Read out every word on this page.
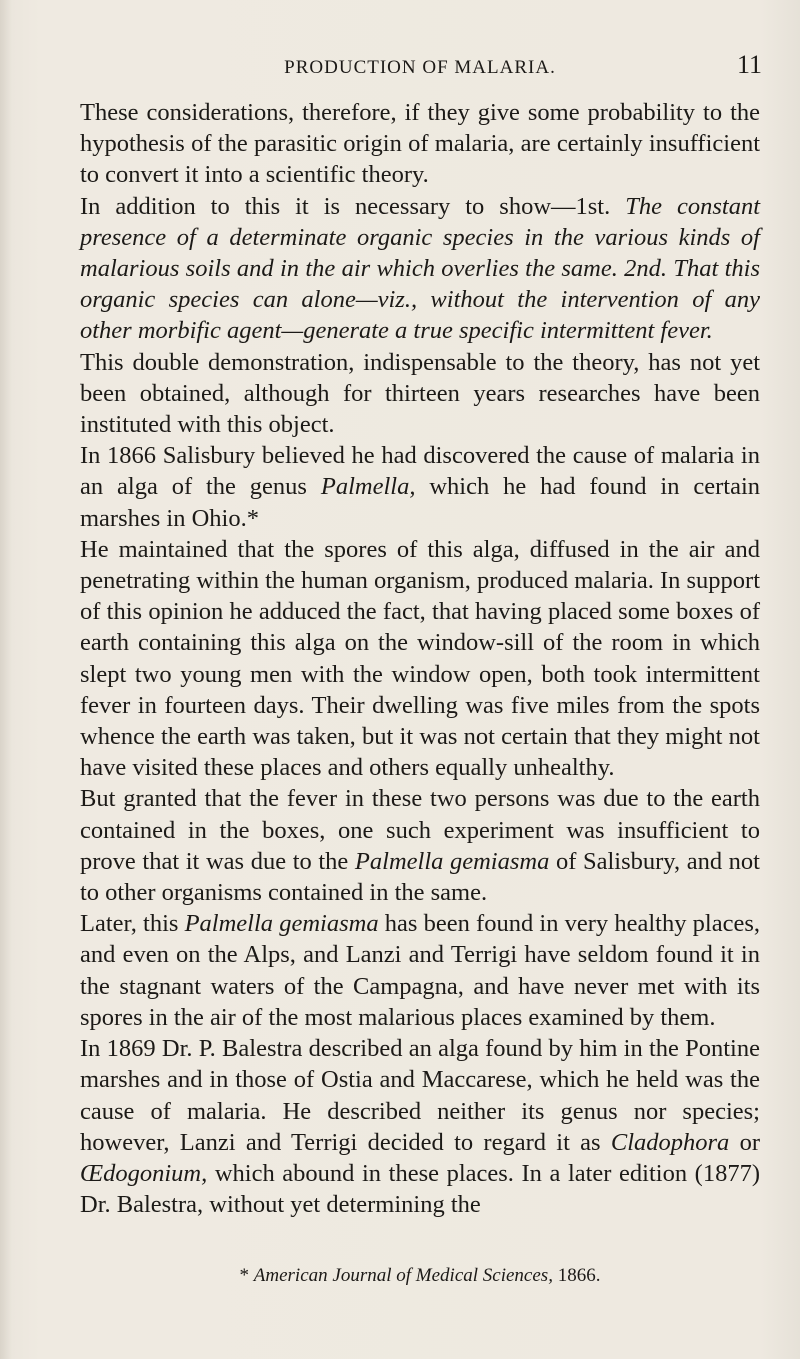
PRODUCTION OF MALARIA.	11

These considerations, therefore, if they give some probability to the hypothesis of the parasitic origin of malaria, are certainly insufficient to convert it into a scientific theory.

In addition to this it is necessary to show—1st. The constant presence of a determinate organic species in the various kinds of malarious soils and in the air which overlies the same. 2nd. That this organic species can alone—viz., without the intervention of any other morbific agent—generate a true specific intermittent fever.

This double demonstration, indispensable to the theory, has not yet been obtained, although for thirteen years researches have been instituted with this object.

In 1866 Salisbury believed he had discovered the cause of malaria in an alga of the genus Palmella, which he had found in certain marshes in Ohio.*

He maintained that the spores of this alga, diffused in the air and penetrating within the human organism, produced malaria. In support of this opinion he adduced the fact, that having placed some boxes of earth containing this alga on the window-sill of the room in which slept two young men with the window open, both took intermittent fever in fourteen days. Their dwelling was five miles from the spots whence the earth was taken, but it was not certain that they might not have visited these places and others equally unhealthy.

But granted that the fever in these two persons was due to the earth contained in the boxes, one such experiment was insufficient to prove that it was due to the Palmella gemiasma of Salisbury, and not to other organisms contained in the same.

Later, this Palmella gemiasma has been found in very healthy places, and even on the Alps, and Lanzi and Terrigi have seldom found it in the stagnant waters of the Campagna, and have never met with its spores in the air of the most malarious places examined by them.

In 1869 Dr. P. Balestra described an alga found by him in the Pontine marshes and in those of Ostia and Maccarese, which he held was the cause of malaria. He described neither its genus nor species; however, Lanzi and Terrigi decided to regard it as Cladophora or Œdogonium, which abound in these places. In a later edition (1877) Dr. Balestra, without yet determining the

* American Journal of Medical Sciences, 1866.
